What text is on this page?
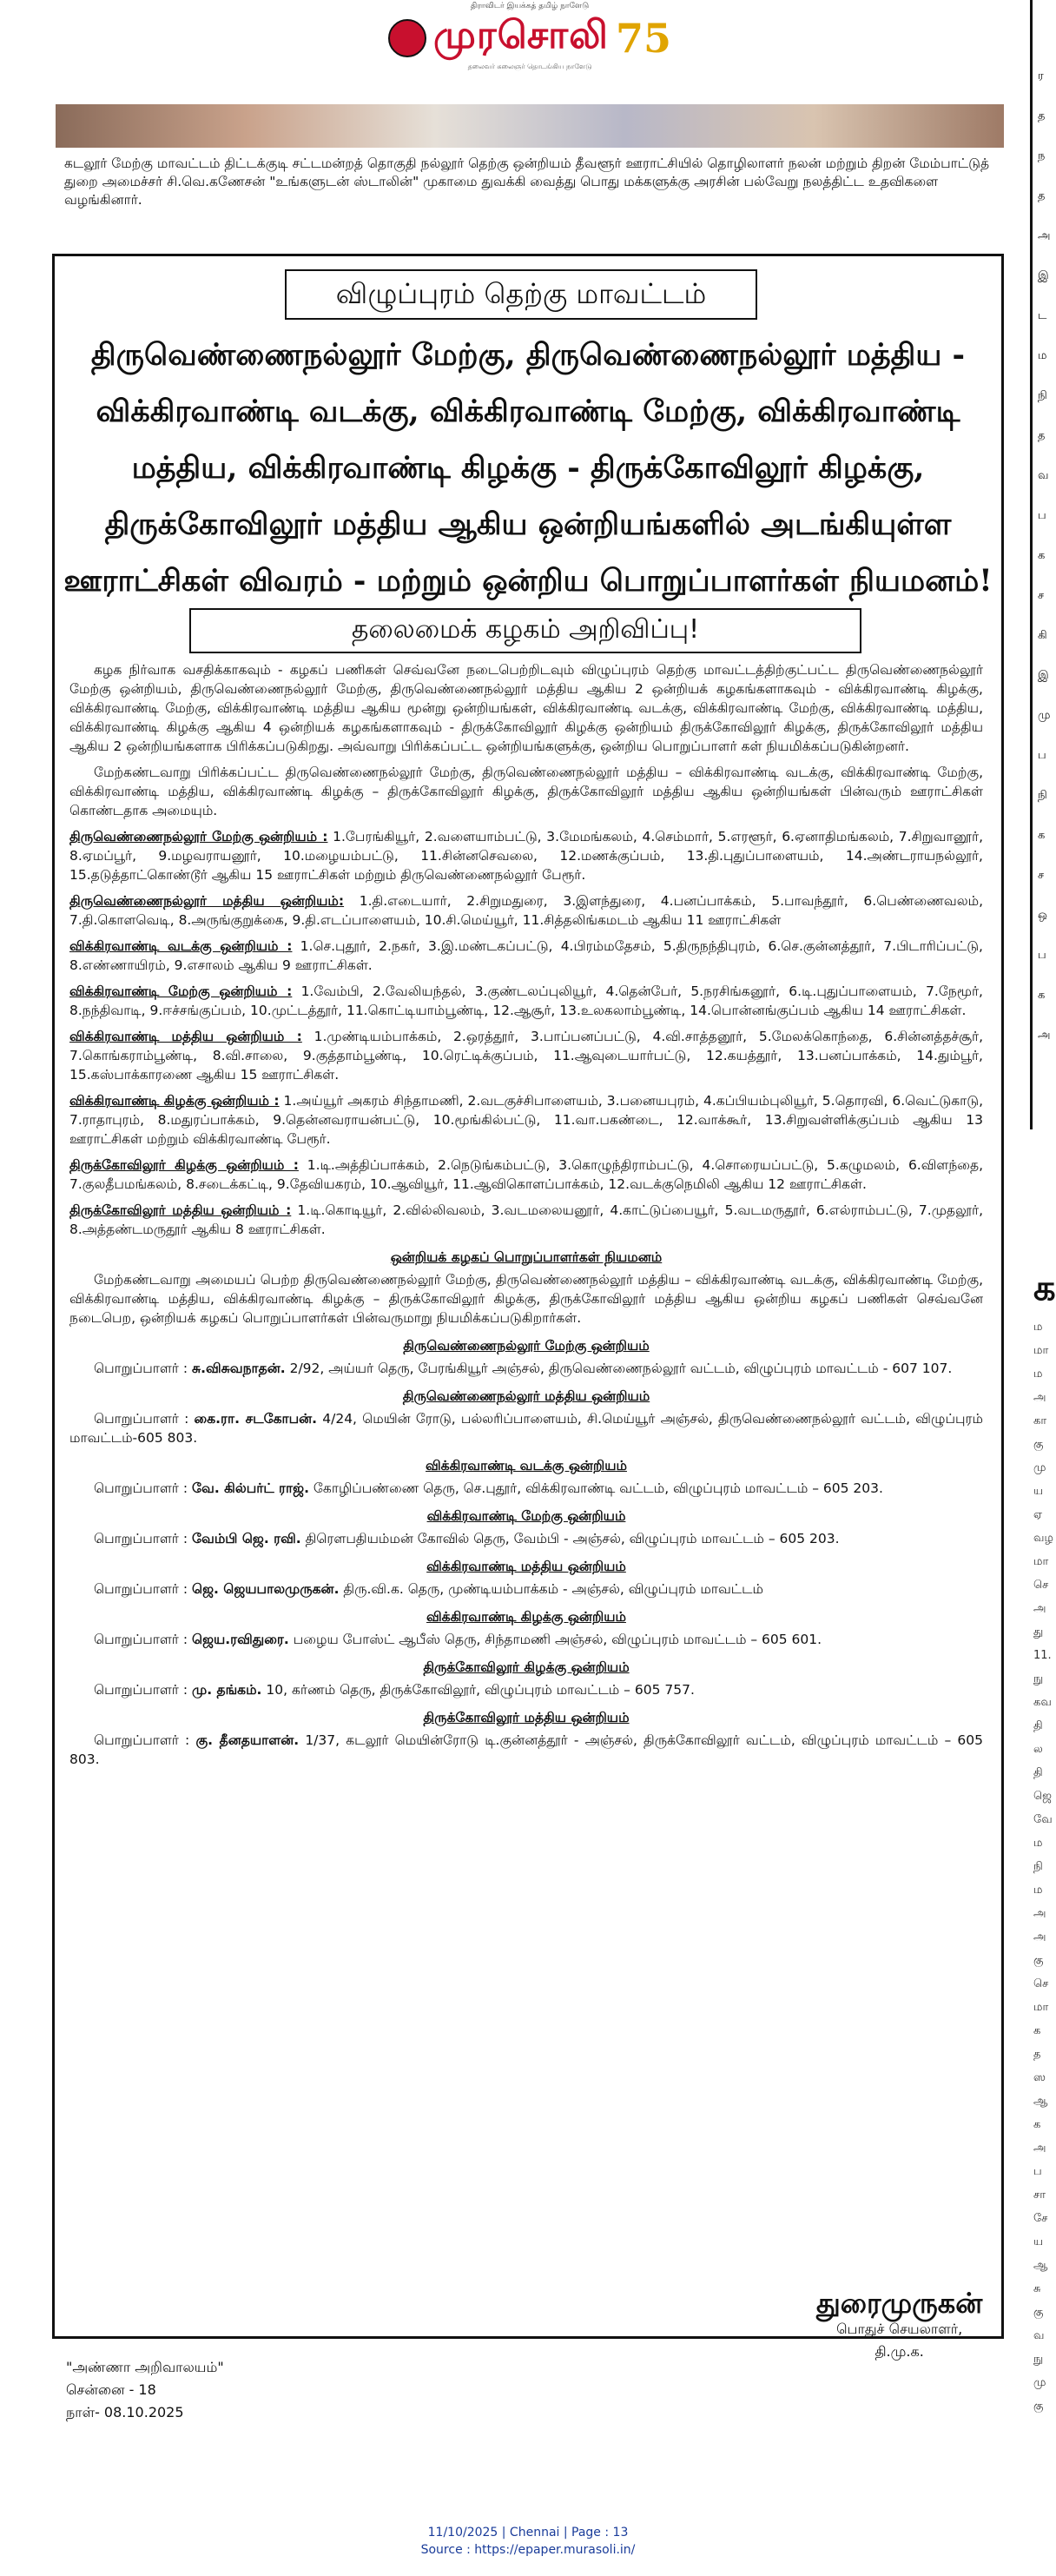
திராவிடர் இயக்கத் தமிழ் நாளேடு
முரசொலி 75
தலைவர் கலைஞர் தொடங்கிய நாளேடு
கடலூர் மேற்கு மாவட்டம் திட்டக்குடி சட்டமன்றத் தொகுதி நல்லூர் தெற்கு ஒன்றியம் தீவளூர் ஊராட்சியில் தொழிலாளர் நலன் மற்றும் திறன் மேம்பாட்டுத் துறை அமைச்சர் சி.வெ.கணேசன் "உங்களுடன் ஸ்டாலின்" முகாமை துவக்கி வைத்து பொது மக்களுக்கு அரசின் பல்வேறு நலத்திட்ட உதவிகளை வழங்கினார்.
ர
த
ந
த
அ
இ
ட
ம
நி
த
வ
ப
க
ச
கி
இ
மு
ப
நி
க
ச
ஒ
ப
க
அ
க
ம
மா
ம
அ
கா
கு
மு
ய
ஏ
வழ
மா
செ
அ
து
11.
நு
கவ
தி
ல
தி
ஜெ
வே
ம
நி
ம
அ
அ
கு
செ
மா
க
த
ஸ
ஆ
க
அ
ப
சா
சே
ய
ஆ
சு
கு
வ
நு
மு
கு
விழுப்புரம் தெற்கு மாவட்டம்
திருவெண்ணைநல்லூர் மேற்கு, திருவெண்ணைநல்லூர் மத்திய - விக்கிரவாண்டி வடக்கு, விக்கிரவாண்டி மேற்கு, விக்கிரவாண்டி மத்திய, விக்கிரவாண்டி கிழக்கு - திருக்கோவிலூர் கிழக்கு, திருக்கோவிலூர் மத்திய ஆகிய ஒன்றியங்களில் அடங்கியுள்ள ஊராட்சிகள் விவரம் - மற்றும் ஒன்றிய பொறுப்பாளர்கள் நியமனம்!
தலைமைக் கழகம் அறிவிப்பு!

கழக நிர்வாக வசதிக்காகவும் - கழகப் பணிகள் செவ்வனே நடைபெற்றிடவும் விழுப்புரம் தெற்கு மாவட்டத்திற்குட்பட்ட திருவெண்ணைநல்லூர் மேற்கு ஒன்றியம், திருவெண்ணைநல்லூர் மேற்கு, திருவெண்ணைநல்லூர் மத்திய ஆகிய 2 ஒன்றியக் கழகங்களாகவும் - விக்கிரவாண்டி கிழக்கு, விக்கிரவாண்டி மேற்கு, விக்கிரவாண்டி மத்திய ஆகிய மூன்று ஒன்றியங்கள், விக்கிரவாண்டி வடக்கு, விக்கிரவாண்டி மேற்கு, விக்கிரவாண்டி மத்திய, விக்கிரவாண்டி கிழக்கு ஆகிய 4 ஒன்றியக் கழகங்களாகவும் - திருக்கோவிலூர் கிழக்கு ஒன்றியம் திருக்கோவிலூர் கிழக்கு, திருக்கோவிலூர் மத்திய ஆகிய 2 ஒன்றியங்களாக பிரிக்கப்படுகிறது. அவ்வாறு பிரிக்கப்பட்ட ஒன்றியங்களுக்கு, ஒன்றிய பொறுப்பாளர் கள் நியமிக்கப்படுகின்றனர்.

மேற்கண்டவாறு பிரிக்கப்பட்ட திருவெண்ணைநல்லூர் மேற்கு, திருவெண்ணைநல்லூர் மத்திய – விக்கிரவாண்டி வடக்கு, விக்கிரவாண்டி மேற்கு, விக்கிரவாண்டி மத்திய, விக்கிரவாண்டி கிழக்கு – திருக்கோவிலூர் கிழக்கு, திருக்கோவிலூர் மத்திய ஆகிய ஒன்றியங்கள் பின்வரும் ஊராட்சிகள் கொண்டதாக அமையும்.

திருவெண்ணைநல்லூர் மேற்கு ஒன்றியம் : 1.பேரங்கியூர், 2.வளையாம்பட்டு, 3.மேமங்கலம், 4.செம்மார், 5.எரளூர், 6.ஏனாதிமங்கலம், 7.சிறுவானூர், 8.ஏமப்பூர், 9.மழவராயனூர், 10.மழையம்பட்டு, 11.சின்னசெவலை, 12.மணக்குப்பம், 13.தி.புதுப்பாளையம், 14.அண்டராயநல்லூர், 15.தடுத்தாட்கொண்டூர் ஆகிய 15 ஊராட்சிகள் மற்றும் திருவெண்ணைநல்லூர் பேரூர்.

திருவெண்ணைநல்லூர் மத்திய ஒன்றியம்: 1.தி.எடையார், 2.சிறுமதுரை, 3.இளந்துரை, 4.பனப்பாக்கம், 5.பாவந்தூர், 6.பெண்ணைவலம், 7.தி.கொளவெடி, 8.அருங்குறுக்கை, 9.தி.எடப்பாளையம், 10.சி.மெய்யூர், 11.சித்தலிங்கமடம் ஆகிய 11 ஊராட்சிகள்

விக்கிரவாண்டி வடக்கு ஒன்றியம் : 1.செ.புதூர், 2.நகர், 3.இ.மண்டகப்பட்டு, 4.பிரம்மதேசம், 5.திருநந்திபுரம், 6.செ.குன்னத்தூர், 7.பிடாரிப்பட்டு, 8.எண்ணாயிரம், 9.எசாலம் ஆகிய 9 ஊராட்சிகள்.

விக்கிரவாண்டி மேற்கு ஒன்றியம் : 1.வேம்பி, 2.வேலியந்தல், 3.குண்டலப்புலியூர், 4.தென்பேர், 5.நரசிங்கனூர், 6.டி.புதுப்பாளையம், 7.நேமூர், 8.நந்திவாடி, 9.ஈச்சங்குப்பம், 10.முட்டத்தூர், 11.கொட்டியாம்பூண்டி, 12.ஆசூர், 13.உலகலாம்பூண்டி, 14.பொன்னங்குப்பம் ஆகிய 14 ஊராட்சிகள்.

விக்கிரவாண்டி மத்திய ஒன்றியம் : 1.முண்டியம்பாக்கம், 2.ஒரத்தூர், 3.பாப்பனப்பட்டு, 4.வி.சாத்தனூர், 5.மேலக்கொந்தை, 6.சின்னத்தச்சூர், 7.கொங்கராம்பூண்டி, 8.வி.சாலை, 9.குத்தாம்பூண்டி, 10.ரெட்டிக்குப்பம், 11.ஆவுடையார்பட்டு, 12.கயத்தூர், 13.பனப்பாக்கம், 14.தும்பூர், 15.கஸ்பாக்காரணை ஆகிய 15 ஊராட்சிகள்.

விக்கிரவாண்டி கிழக்கு ஒன்றியம் : 1.அய்யூர் அகரம் சிந்தாமணி, 2.வடகுச்சிபாளையம், 3.பனையபுரம், 4.கப்பியம்புலியூர், 5.தொரவி, 6.வெட்டுகாடு, 7.ராதாபுரம், 8.மதுரப்பாக்கம், 9.தென்னவராயன்பட்டு, 10.மூங்கில்பட்டு, 11.வா.பகண்டை, 12.வாக்கூர், 13.சிறுவள்ளிக்குப்பம் ஆகிய 13 ஊராட்சிகள் மற்றும் விக்கிரவாண்டி பேரூர்.

திருக்கோவிலூர் கிழக்கு ஒன்றியம் : 1.டி.அத்திப்பாக்கம், 2.நெடுங்கம்பட்டு, 3.கொழுந்திராம்பட்டு, 4.சொரையப்பட்டு, 5.கழுமலம், 6.விளந்தை, 7.குலதீபமங்கலம், 8.சடைக்கட்டி, 9.தேவியகரம், 10.ஆவியூர், 11.ஆவிகொளப்பாக்கம், 12.வடக்குநெமிலி ஆகிய 12 ஊராட்சிகள்.

திருக்கோவிலூர் மத்திய ஒன்றியம் : 1.டி.கொடியூர், 2.வில்லிவலம், 3.வடமலையனூர், 4.காட்டுப்பையூர், 5.வடமருதூர், 6.எல்ராம்பட்டு, 7.முதலூர், 8.அத்தண்டமருதூர் ஆகிய 8 ஊராட்சிகள்.

ஒன்றியக் கழகப் பொறுப்பாளர்கள் நியமனம்

மேற்கண்டவாறு அமையப் பெற்ற திருவெண்ணைநல்லூர் மேற்கு, திருவெண்ணைநல்லூர் மத்திய – விக்கிரவாண்டி வடக்கு, விக்கிரவாண்டி மேற்கு, விக்கிரவாண்டி மத்திய, விக்கிரவாண்டி கிழக்கு – திருக்கோவிலூர் கிழக்கு, திருக்கோவிலூர் மத்திய ஆகிய ஒன்றிய கழகப் பணிகள் செவ்வனே நடைபெற, ஒன்றியக் கழகப் பொறுப்பாளர்கள் பின்வருமாறு நியமிக்கப்படுகிறார்கள்.

திருவெண்ணைநல்லூர் மேற்கு ஒன்றியம்

பொறுப்பாளர் : சு.விசுவநாதன். 2/92, அய்யர் தெரு, பேரங்கியூர் அஞ்சல், திருவெண்ணைநல்லூர் வட்டம், விழுப்புரம் மாவட்டம் - 607 107.

திருவெண்ணைநல்லூர் மத்திய ஒன்றியம்

பொறுப்பாளர் : கை.ரா. சடகோபன். 4/24, மெயின் ரோடு, பல்லரிப்பாளையம், சி.மெய்யூர் அஞ்சல், திருவெண்ணைநல்லூர் வட்டம், விழுப்புரம் மாவட்டம்-605 803.

விக்கிரவாண்டி வடக்கு ஒன்றியம்

பொறுப்பாளர் : வே. கில்பர்ட் ராஜ். கோழிப்பண்ணை தெரு, செ.புதூர், விக்கிரவாண்டி வட்டம், விழுப்புரம் மாவட்டம் – 605 203.

விக்கிரவாண்டி மேற்கு ஒன்றியம்

பொறுப்பாளர் : வேம்பி ஜெ. ரவி. திரௌபதியம்மன் கோவில் தெரு, வேம்பி - அஞ்சல், விழுப்புரம் மாவட்டம் – 605 203.

விக்கிரவாண்டி மத்திய ஒன்றியம்

பொறுப்பாளர் : ஜெ. ஜெயபாலமுருகன். திரு.வி.க. தெரு, முண்டியம்பாக்கம் - அஞ்சல், விழுப்புரம் மாவட்டம்

விக்கிரவாண்டி கிழக்கு ஒன்றியம்

பொறுப்பாளர் : ஜெய.ரவிதுரை. பழைய போஸ்ட் ஆபீஸ் தெரு, சிந்தாமணி அஞ்சல், விழுப்புரம் மாவட்டம் – 605 601.

திருக்கோவிலூர் கிழக்கு ஒன்றியம்

பொறுப்பாளர் : மு. தங்கம். 10, கர்ணம் தெரு, திருக்கோவிலூர், விழுப்புரம் மாவட்டம் – 605 757.

திருக்கோவிலூர் மத்திய ஒன்றியம்

பொறுப்பாளர் : கு. தீனதயாளன். 1/37, கடலூர் மெயின்ரோடு டி.குன்னத்தூர் - அஞ்சல், திருக்கோவிலூர் வட்டம், விழுப்புரம் மாவட்டம் – 605 803.

"அண்ணா அறிவாலயம்"
சென்னை - 18
நாள்- 08.10.2025
துரைமுருகன்
பொதுச் செயலாளர்,
தி.மு.க.
11/10/2025 | Chennai | Page : 13
Source : https://epaper.murasoli.in/
